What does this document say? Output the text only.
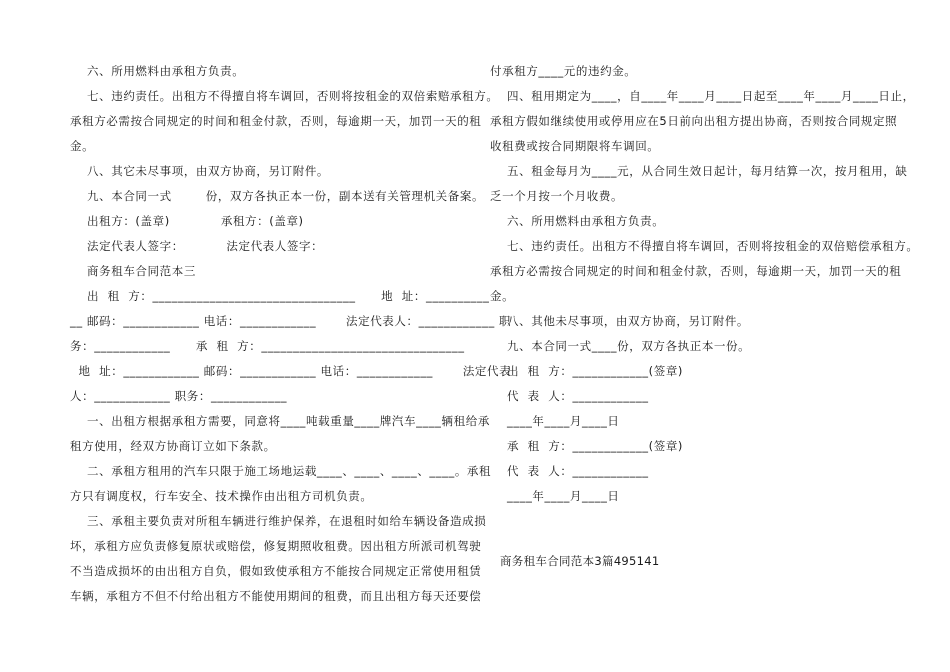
六、所用燃料由承租方负责。
七、违约责任。出租方不得擅自将车调回，否则将按租金的双倍索赔承租方。
承租方必需按合同规定的时间和租金付款，否则，每逾期一天，加罚一天的租
金。
八、其它未尽事项，由双方协商，另订附件。
九、本合同一式        份，双方各执正本一份，副本送有关管理机关备案。
出租方：(盖章)            承租方：(盖章)
法定代表人签字：          法定代表人签字：
商务租车合同范本三
出  租  方：________________________________      地  址：__________
__ 邮码：____________ 电话：____________       法定代表人：____________ 职
务：____________      承  租  方：________________________________
地  址：____________ 邮码：____________ 电话：____________       法定代表
人：____________ 职务：____________
一、出租方根据承租方需要，同意将____吨载重量____牌汽车____辆租给承
租方使用，经双方协商订立如下条款。
二、承租方租用的汽车只限于施工场地运载____、____、____、____。承租
方只有调度权，行车安全、技术操作由出租方司机负责。
三、承租主要负责对所租车辆进行维护保养，在退租时如给车辆设备造成损
坏，承租方应负责修复原状或赔偿，修复期照收租费。因出租方所派司机驾驶
不当造成损坏的由出租方自负，假如致使承租方不能按合同规定正常使用租赁
车辆，承租方不但不付给出租方不能使用期间的租费，而且出租方每天还要偿
付承租方____元的违约金。
四、租用期定为____，自____年____月____日起至____年____月____日止，
承租方假如继续使用或停用应在5日前向出租方提出协商，否则按合同规定照
收租费或按合同期限将车调回。
五、租金每月为____元，从合同生效日起计，每月结算一次，按月租用，缺
乏一个月按一个月收费。
六、所用燃料由承租方负责。
七、违约责任。出租方不得擅自将车调回，否则将按租金的双倍赔偿承租方。
承租方必需按合同规定的时间和租金付款，否则，每逾期一天，加罚一天的租
金。
八、其他未尽事项，由双方协商，另订附件。
九、本合同一式____份，双方各执正本一份。
出  租  方：____________(签章)
代  表  人：____________
____年____月____日
承  租  方：____________(签章)
代  表  人：____________
____年____月____日
商务租车合同范本3篇495141
